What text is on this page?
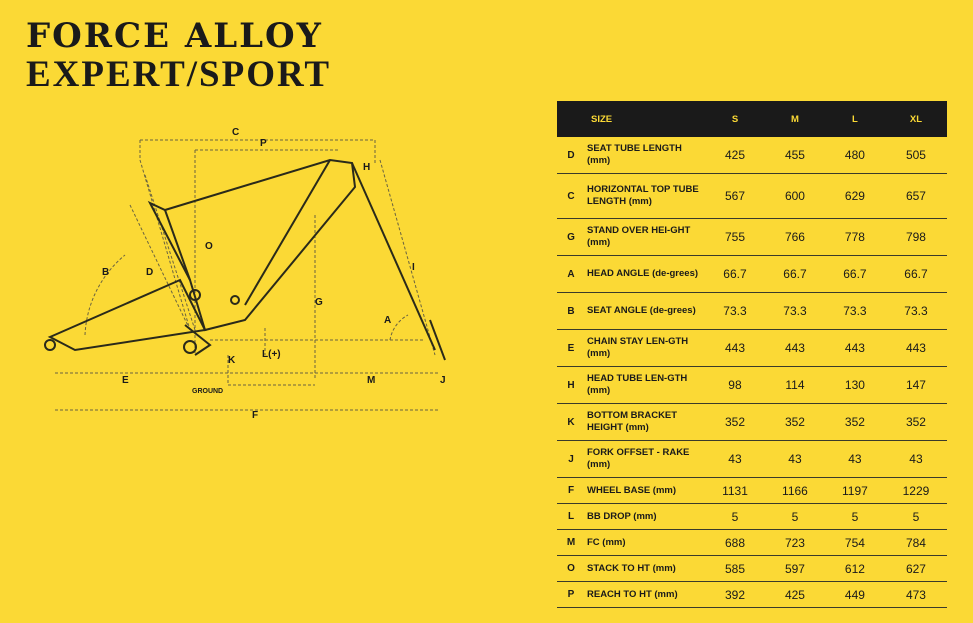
FORCE ALLOY
EXPERT/SPORT
C
P
H
I
B	D
O
G
A
K
L(+)
E	M	J
F
GROUND
SIZE		S	M	L	XL
D	SEAT TUBE LENGTH (mm)	425	455	480	505
C	HORIZONTAL TOP TUBE LENGTH (mm)	567	600	629	657
G	STAND OVER HEI-GHT (mm)	755	766	778	798
A	HEAD ANGLE (de-grees)	66.7	66.7	66.7	66.7
B	SEAT ANGLE (de-grees)	73.3	73.3	73.3	73.3
E	CHAIN STAY LEN-GTH (mm)	443	443	443	443
H	HEAD TUBE LEN-GTH (mm)	98	114	130	147
K	BOTTOM BRACKET HEIGHT (mm)	352	352	352	352
J	FORK OFFSET - RAKE (mm)	43	43	43	43
F	WHEEL BASE (mm)	1131	1166	1197	1229
L	BB DROP (mm)	5	5	5	5
M	FC (mm)	688	723	754	784
O	STACK TO HT (mm)	585	597	612	627
P	REACH TO HT (mm)	392	425	449	473
